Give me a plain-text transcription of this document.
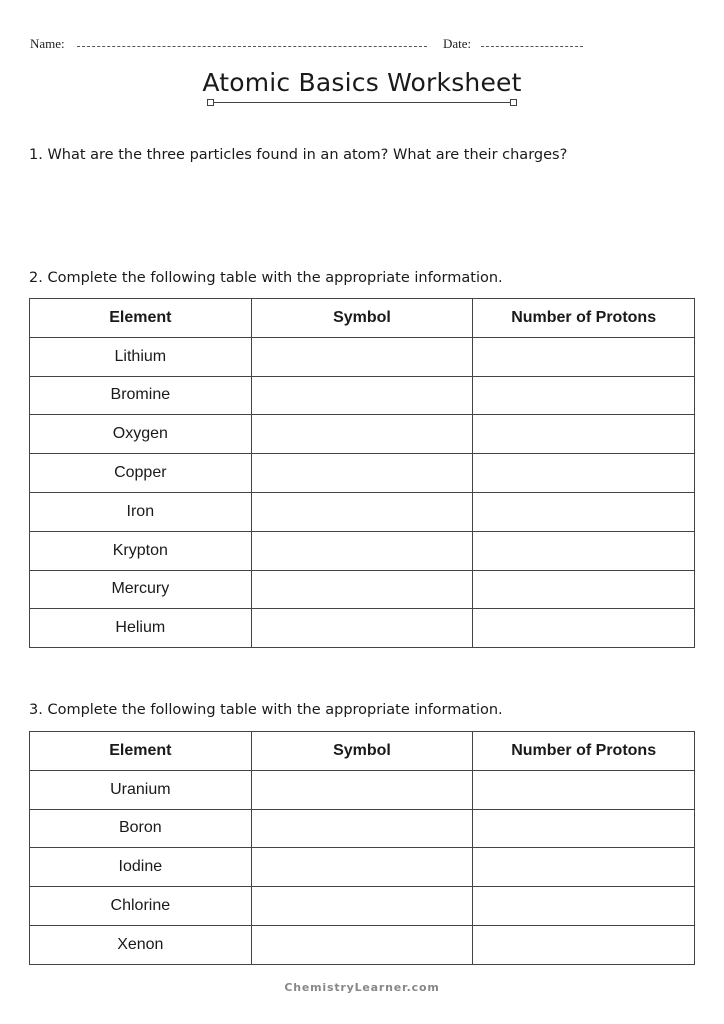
Name:	Date:
Atomic Basics Worksheet
1. What are the three particles found in an atom? What are their charges?
2. Complete the following table with the appropriate information.
Element	Symbol	Number of Protons
Lithium		
Bromine		
Oxygen		
Copper		
Iron		
Krypton		
Mercury		
Helium		
3. Complete the following table with the appropriate information.
Element	Symbol	Number of Protons
Uranium		
Boron		
Iodine		
Chlorine		
Xenon		
ChemistryLearner.com
